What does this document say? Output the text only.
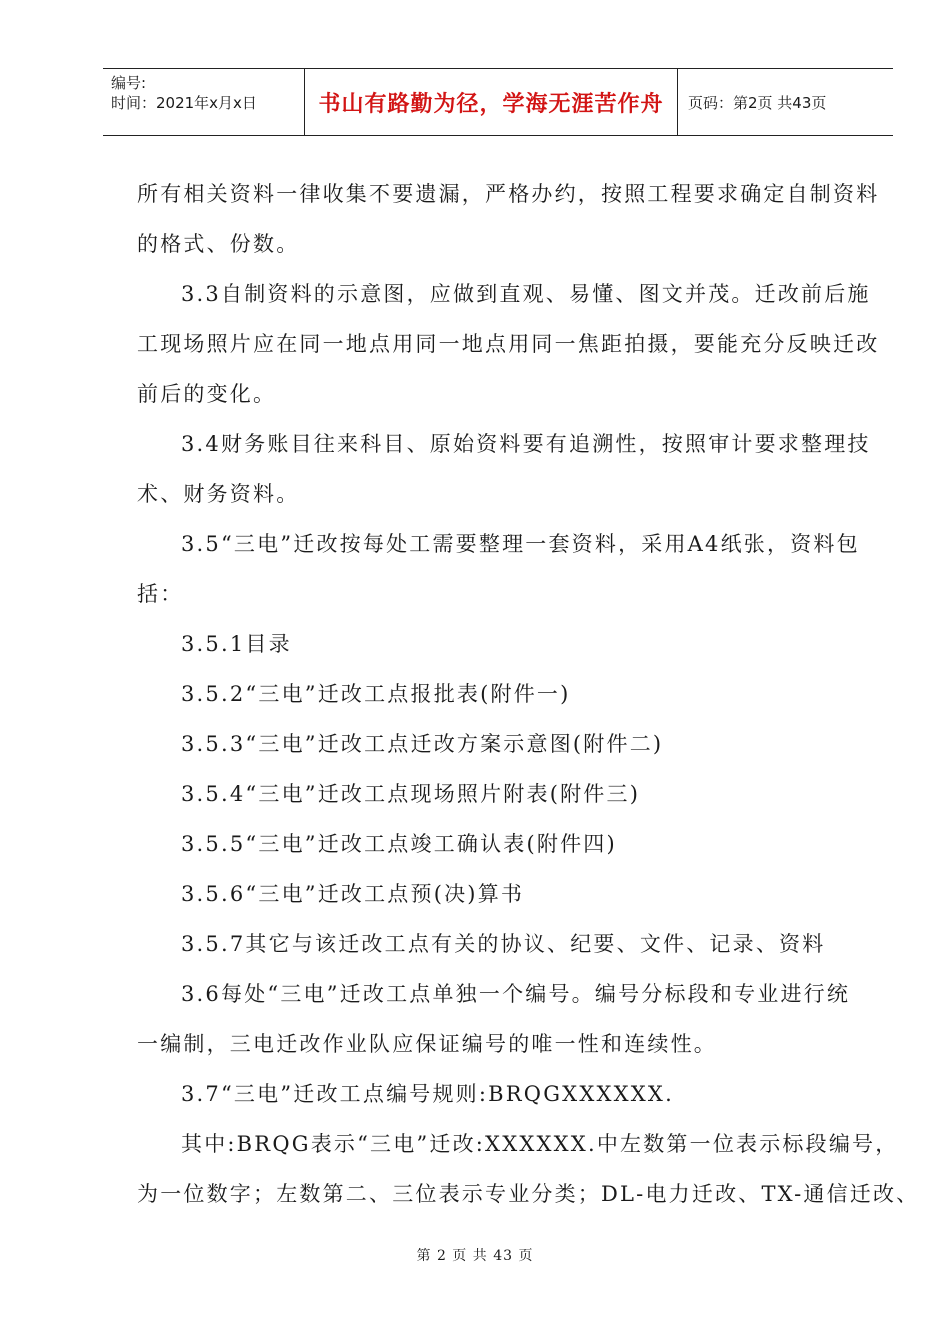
编号:
时间：2021年x月x日	书山有路勤为径，学海无涯苦作舟 页码：第2页 共43页
所有相关资料一律收集不要遗漏，严格办约，按照工程要求确定自制资料
的格式、份数。
3.3自制资料的示意图，应做到直观、易懂、图文并茂。迁改前后施
工现场照片应在同一地点用同一地点用同一焦距拍摄，要能充分反映迁改
前后的变化。
3.4财务账目往来科目、原始资料要有追溯性，按照审计要求整理技
术、财务资料。
3.5“三电”迁改按每处工需要整理一套资料，采用A4纸张，资料包
括：
3.5.1目录
3.5.2“三电”迁改工点报批表(附件一)
3.5.3“三电”迁改工点迁改方案示意图(附件二)
3.5.4“三电”迁改工点现场照片附表(附件三)
3.5.5“三电”迁改工点竣工确认表(附件四)
3.5.6“三电”迁改工点预(决)算书
3.5.7其它与该迁改工点有关的协议、纪要、文件、记录、资料
3.6每处“三电”迁改工点单独一个编号。编号分标段和专业进行统
一编制，三电迁改作业队应保证编号的唯一性和连续性。
3.7“三电”迁改工点编号规则:BRQGXXXXXX.
其中:BRQG表示“三电”迁改:XXXXXX.中左数第一位表示标段编号，
为一位数字；左数第二、三位表示专业分类；DL-电力迁改、TX-通信迁改、
第 2 页 共 43 页
